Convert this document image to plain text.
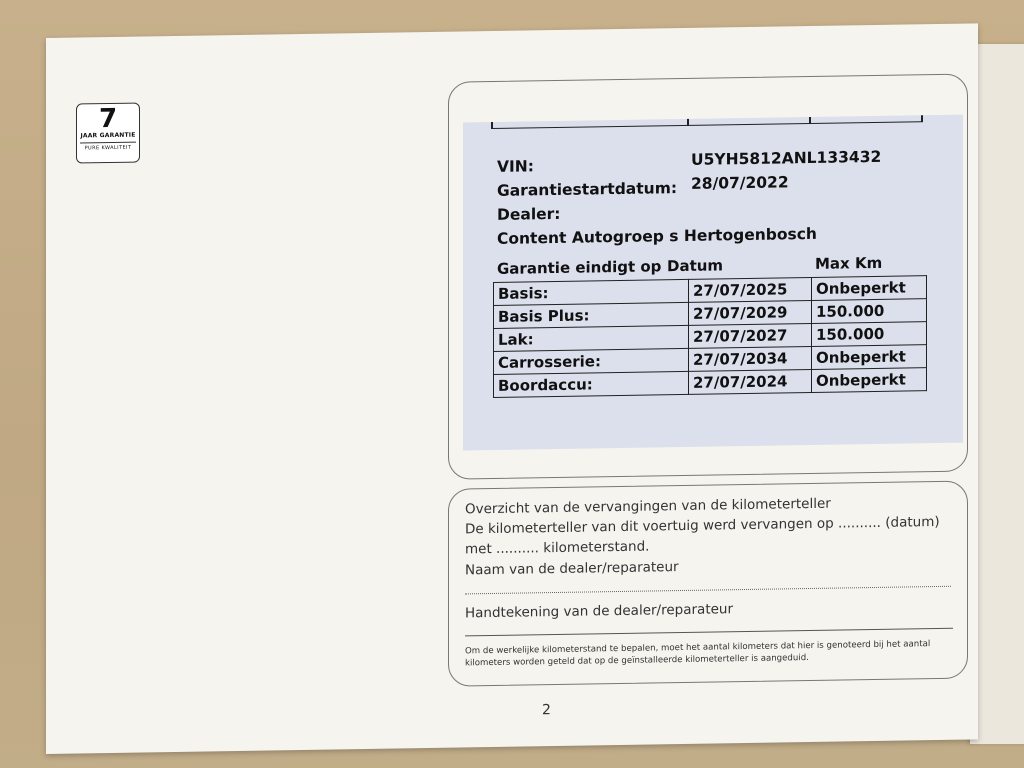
7
JAAR GARANTIE
PURE KWALITEIT
VIN:	U5YH5812ANL133432
Garantiestartdatum: 28/07/2022
Dealer:
Content Autogroep s Hertogenbosch
Garantie eindigt op Datum	Max Km
Basis:	27/07/2025	Onbeperkt
Basis Plus:	27/07/2029	150.000
Lak:	27/07/2027	150.000
Carrosserie:	27/07/2034	Onbeperkt
Boordaccu:	27/07/2024	Onbeperkt
Overzicht van de vervangingen van de kilometerteller
De kilometerteller van dit voertuig werd vervangen op .......... (datum)
met .......... kilometerstand.
Naam van de dealer/reparateur
Handtekening van de dealer/reparateur
Om de werkelijke kilometerstand te bepalen, moet het aantal kilometers dat hier is genoteerd bij het aantal kilometers worden geteld dat op de geïnstalleerde kilometerteller is aangeduid.
2
